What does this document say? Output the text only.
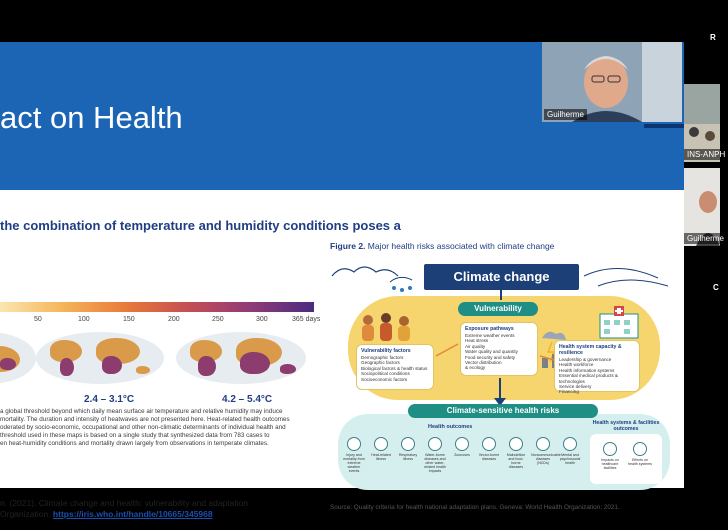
act on Health
the combination of temperature and humidity conditions poses a
50	100	150	200	250	300	365 days
2.4 – 3.1°C	4.2 – 5.4°C
a global threshold beyond which daily mean surface air temperature and relative humidity may induce
mortality. The duration and intensity of heatwaves are not presented here. Heat-related health outcomes
oderated by socio-economic, occupational and other non-climatic determinants of individual health and
threshold used in these maps is based on a single study that synthesized data from 783 cases to
en heat-humidity conditions and mortality drawn largely from observations in temperate climates.
n. (2021). Climate change and health: vulnerability and adaptation
Organization. https://iris.who.int/handle/10665/345968.
Figure 2. Major health risks associated with climate change
Climate change
Vulnerability
Vulnerability factors
Demographic factors
Geographic factors
Biological factors & health status
Sociopolitical conditions
Socioeconomic factors
Exposure pathways
Extreme weather events
Heat stress
Air quality
Water quality and quantity
Food security and safety
Vector distribution
& ecology
Health system capacity & resilience
Leadership & governance
Health workforce
Health information systems
Essential medical products & technologies
Service delivery
Financing
Climate-sensitive health risks
Health outcomes
Injury and mortality from extreme weather events
Heat-related illness
Respiratory illness
Water-borne diseases and other water-related health impacts
Zoonoses	Vector-borne diseases
Malnutrition and food-borne diseases
Noncommunicable diseases (NCDs)
Mental and psychosocial health
Health systems & facilities outcomes
Impacts on healthcare facilities
Effects on health systems
Source: Quality criteria for health national adaptation plans. Geneva: World Health Organization; 2021.
Guilherme
R
INS-ANPH
Guilherme
C
